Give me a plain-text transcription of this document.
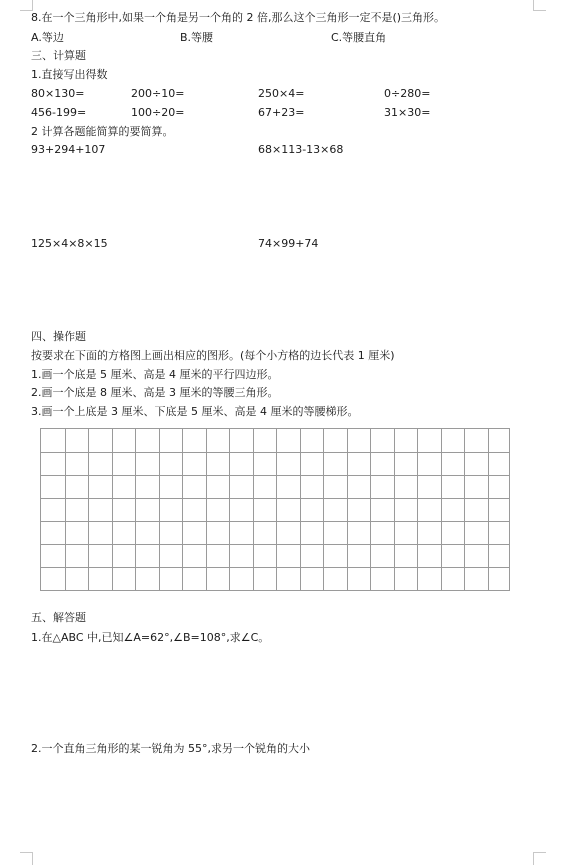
8.在一个三角形中,如果一个角是另一个角的 2 倍,那么这个三角形一定不是()三角形。
A.等边	B.等腰	C.等腰直角
三、计算题
1.直接写出得数
80×130=	200÷10=	250×4=	0÷280=
456-199=	100÷20=	67+23=	31×30=
2 计算各题能简算的要简算。
93+294+107	68×113-13×68
125×4×8×15	74×99+74
四、操作题
按要求在下面的方格图上画出相应的图形。(每个小方格的边长代表 1 厘米)
1.画一个底是 5 厘米、高是 4 厘米的平行四边形。
2.画一个底是 8 厘米、高是 3 厘米的等腰三角形。
3.画一个上底是 3 厘米、下底是 5 厘米、高是 4 厘米的等腰梯形。
五、解答题
1.在△ABC 中,已知∠A=62°,∠B=108°,求∠C。
2.一个直角三角形的某一锐角为 55°,求另一个锐角的大小
